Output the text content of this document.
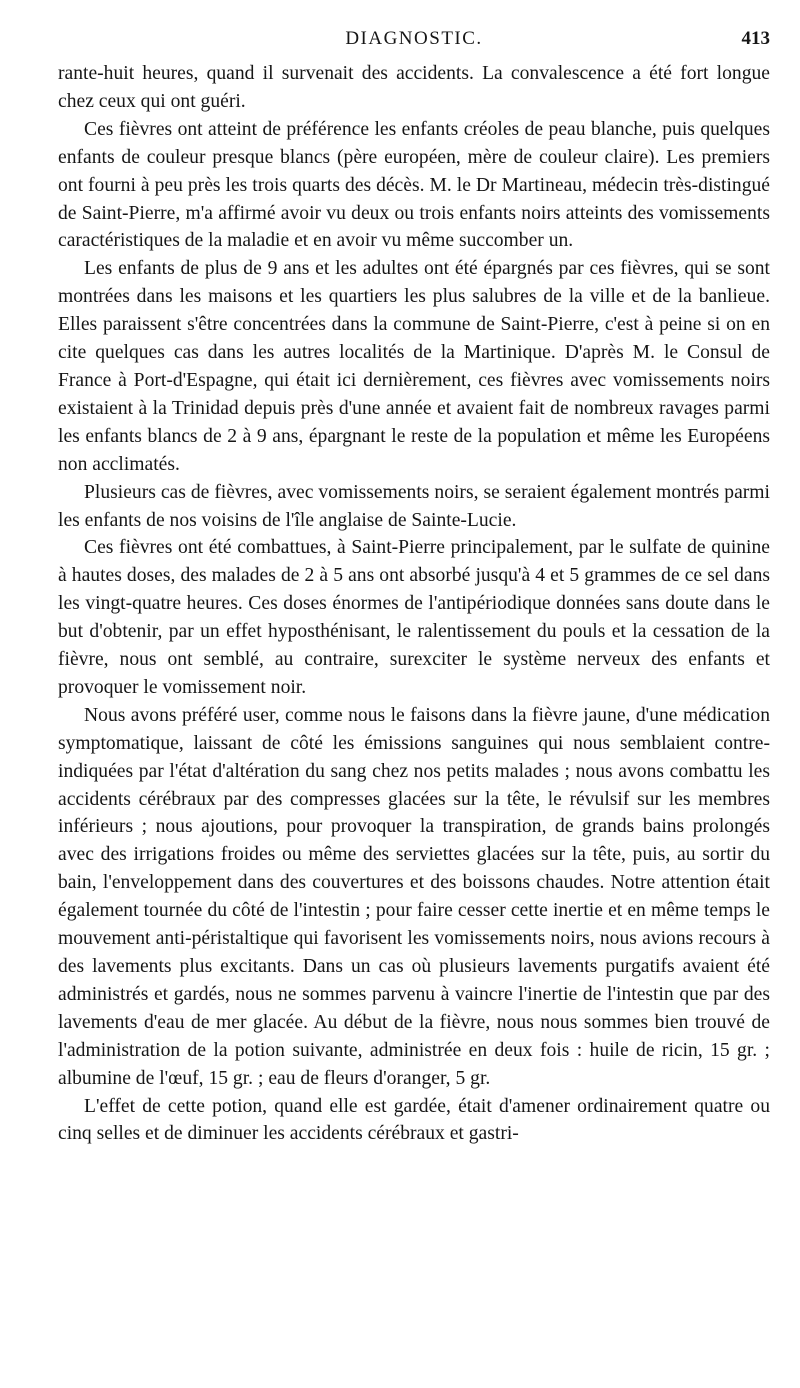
DIAGNOSTIC.	413

rante-huit heures, quand il survenait des accidents. La convalescence a été fort longue chez ceux qui ont guéri.

Ces fièvres ont atteint de préférence les enfants créoles de peau blanche, puis quelques enfants de couleur presque blancs (père européen, mère de couleur claire). Les premiers ont fourni à peu près les trois quarts des décès. M. le Dr Martineau, médecin très-distingué de Saint-Pierre, m'a affirmé avoir vu deux ou trois enfants noirs atteints des vomissements caractéristiques de la maladie et en avoir vu même succomber un.

Les enfants de plus de 9 ans et les adultes ont été épargnés par ces fièvres, qui se sont montrées dans les maisons et les quartiers les plus salubres de la ville et de la banlieue. Elles paraissent s'être concentrées dans la commune de Saint-Pierre, c'est à peine si on en cite quelques cas dans les autres localités de la Martinique. D'après M. le Consul de France à Port-d'Espagne, qui était ici dernièrement, ces fièvres avec vomissements noirs existaient à la Trinidad depuis près d'une année et avaient fait de nombreux ravages parmi les enfants blancs de 2 à 9 ans, épargnant le reste de la population et même les Européens non acclimatés.

Plusieurs cas de fièvres, avec vomissements noirs, se seraient également montrés parmi les enfants de nos voisins de l'île anglaise de Sainte-Lucie.

Ces fièvres ont été combattues, à Saint-Pierre principalement, par le sulfate de quinine à hautes doses, des malades de 2 à 5 ans ont absorbé jusqu'à 4 et 5 grammes de ce sel dans les vingt-quatre heures. Ces doses énormes de l'antipériodique données sans doute dans le but d'obtenir, par un effet hyposthénisant, le ralentissement du pouls et la cessation de la fièvre, nous ont semblé, au contraire, surexciter le système nerveux des enfants et provoquer le vomissement noir.

Nous avons préféré user, comme nous le faisons dans la fièvre jaune, d'une médication symptomatique, laissant de côté les émissions sanguines qui nous semblaient contre-indiquées par l'état d'altération du sang chez nos petits malades ; nous avons combattu les accidents cérébraux par des compresses glacées sur la tête, le révulsif sur les membres inférieurs ; nous ajoutions, pour provoquer la transpiration, de grands bains prolongés avec des irrigations froides ou même des serviettes glacées sur la tête, puis, au sortir du bain, l'enveloppement dans des couvertures et des boissons chaudes. Notre attention était également tournée du côté de l'intestin ; pour faire cesser cette inertie et en même temps le mouvement anti-péristaltique qui favorisent les vomissements noirs, nous avions recours à des lavements plus excitants. Dans un cas où plusieurs lavements purgatifs avaient été administrés et gardés, nous ne sommes parvenu à vaincre l'inertie de l'intestin que par des lavements d'eau de mer glacée. Au début de la fièvre, nous nous sommes bien trouvé de l'administration de la potion suivante, administrée en deux fois : huile de ricin, 15 gr. ; albumine de l'œuf, 15 gr. ; eau de fleurs d'oranger, 5 gr.

L'effet de cette potion, quand elle est gardée, était d'amener ordinairement quatre ou cinq selles et de diminuer les accidents cérébraux et gastri-
